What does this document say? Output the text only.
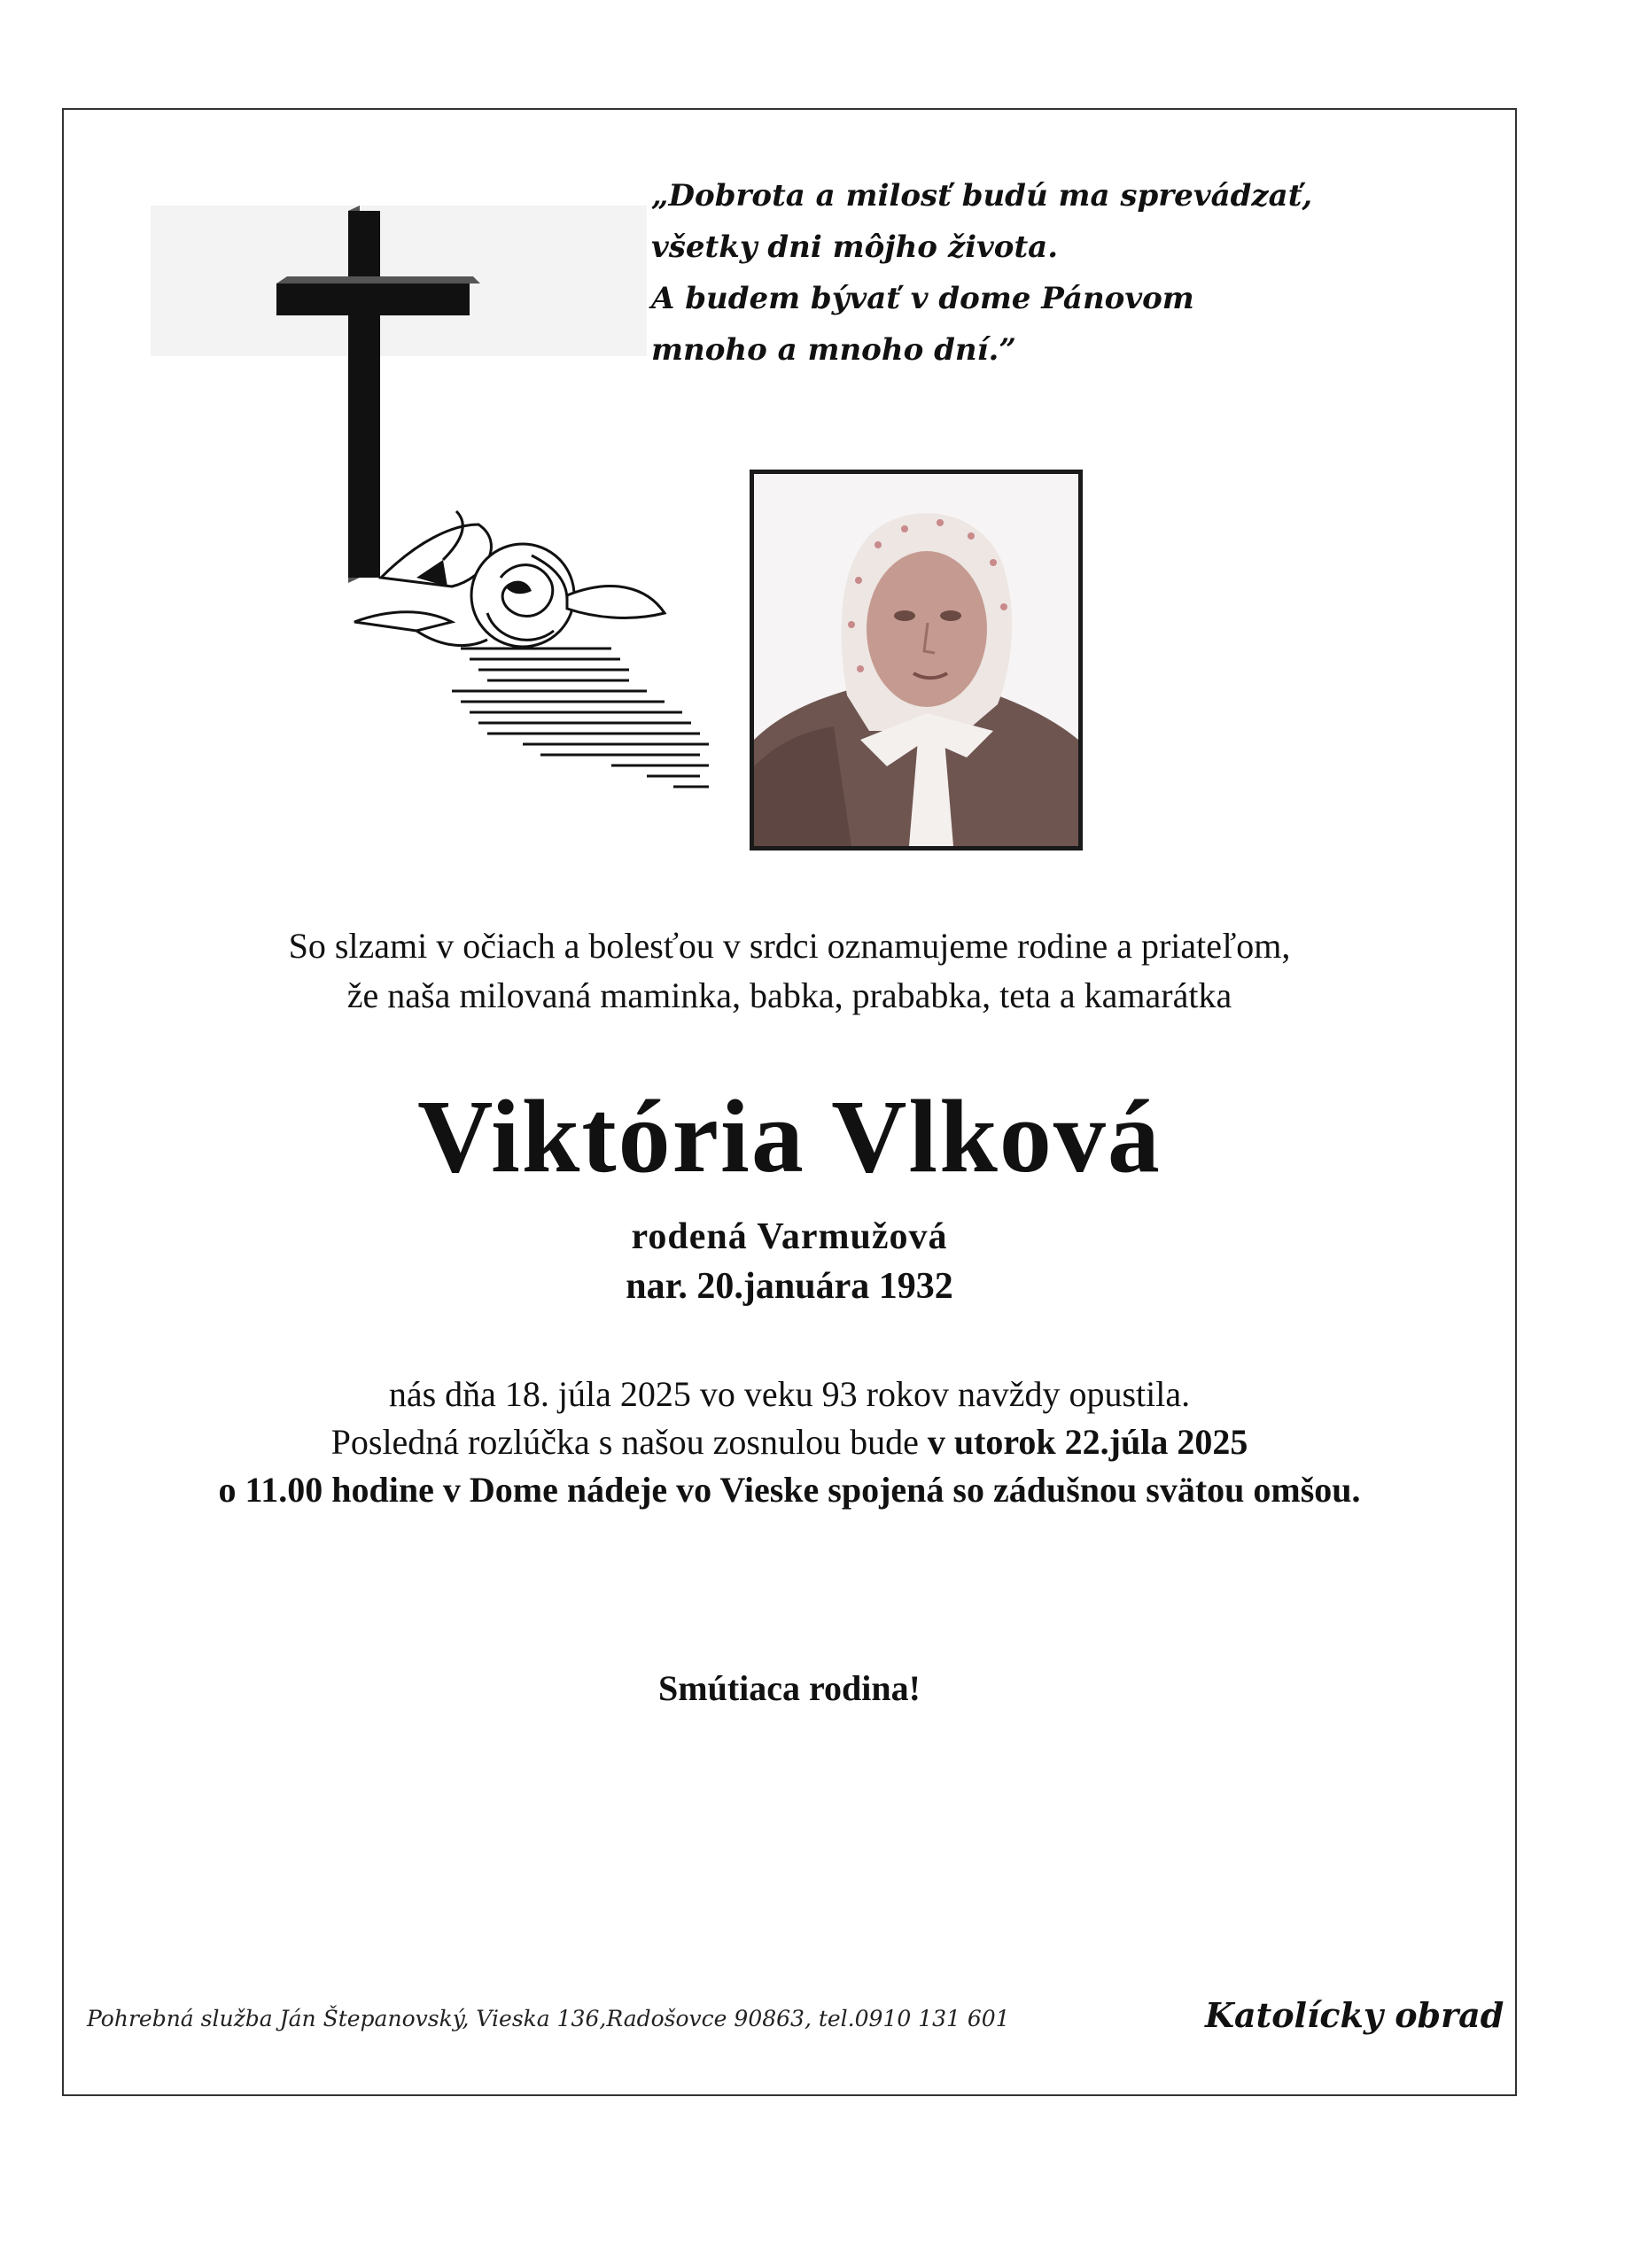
„Dobrota a milosť budú ma sprevádzať,
všetky dni môjho života.
A budem bývať v dome Pánovom
mnoho a mnoho dní.”
So slzami v očiach a bolesťou v srdci oznamujeme rodine a priateľom,
že naša milovaná maminka, babka, prababka, teta a kamarátka
Viktória Vlková
rodená Varmužová
nar. 20.januára 1932
nás dňa 18. júla 2025 vo veku 93 rokov navždy opustila.
Posledná rozlúčka s našou zosnulou bude v utorok 22.júla 2025
o 11.00 hodine v Dome nádeje vo Vieske spojená so zádušnou svätou omšou.
Smútiaca rodina!
Pohrebná služba Ján Štepanovský, Vieska 136,Radošovce 90863, tel.0910 131 601	Katolícky obrad
